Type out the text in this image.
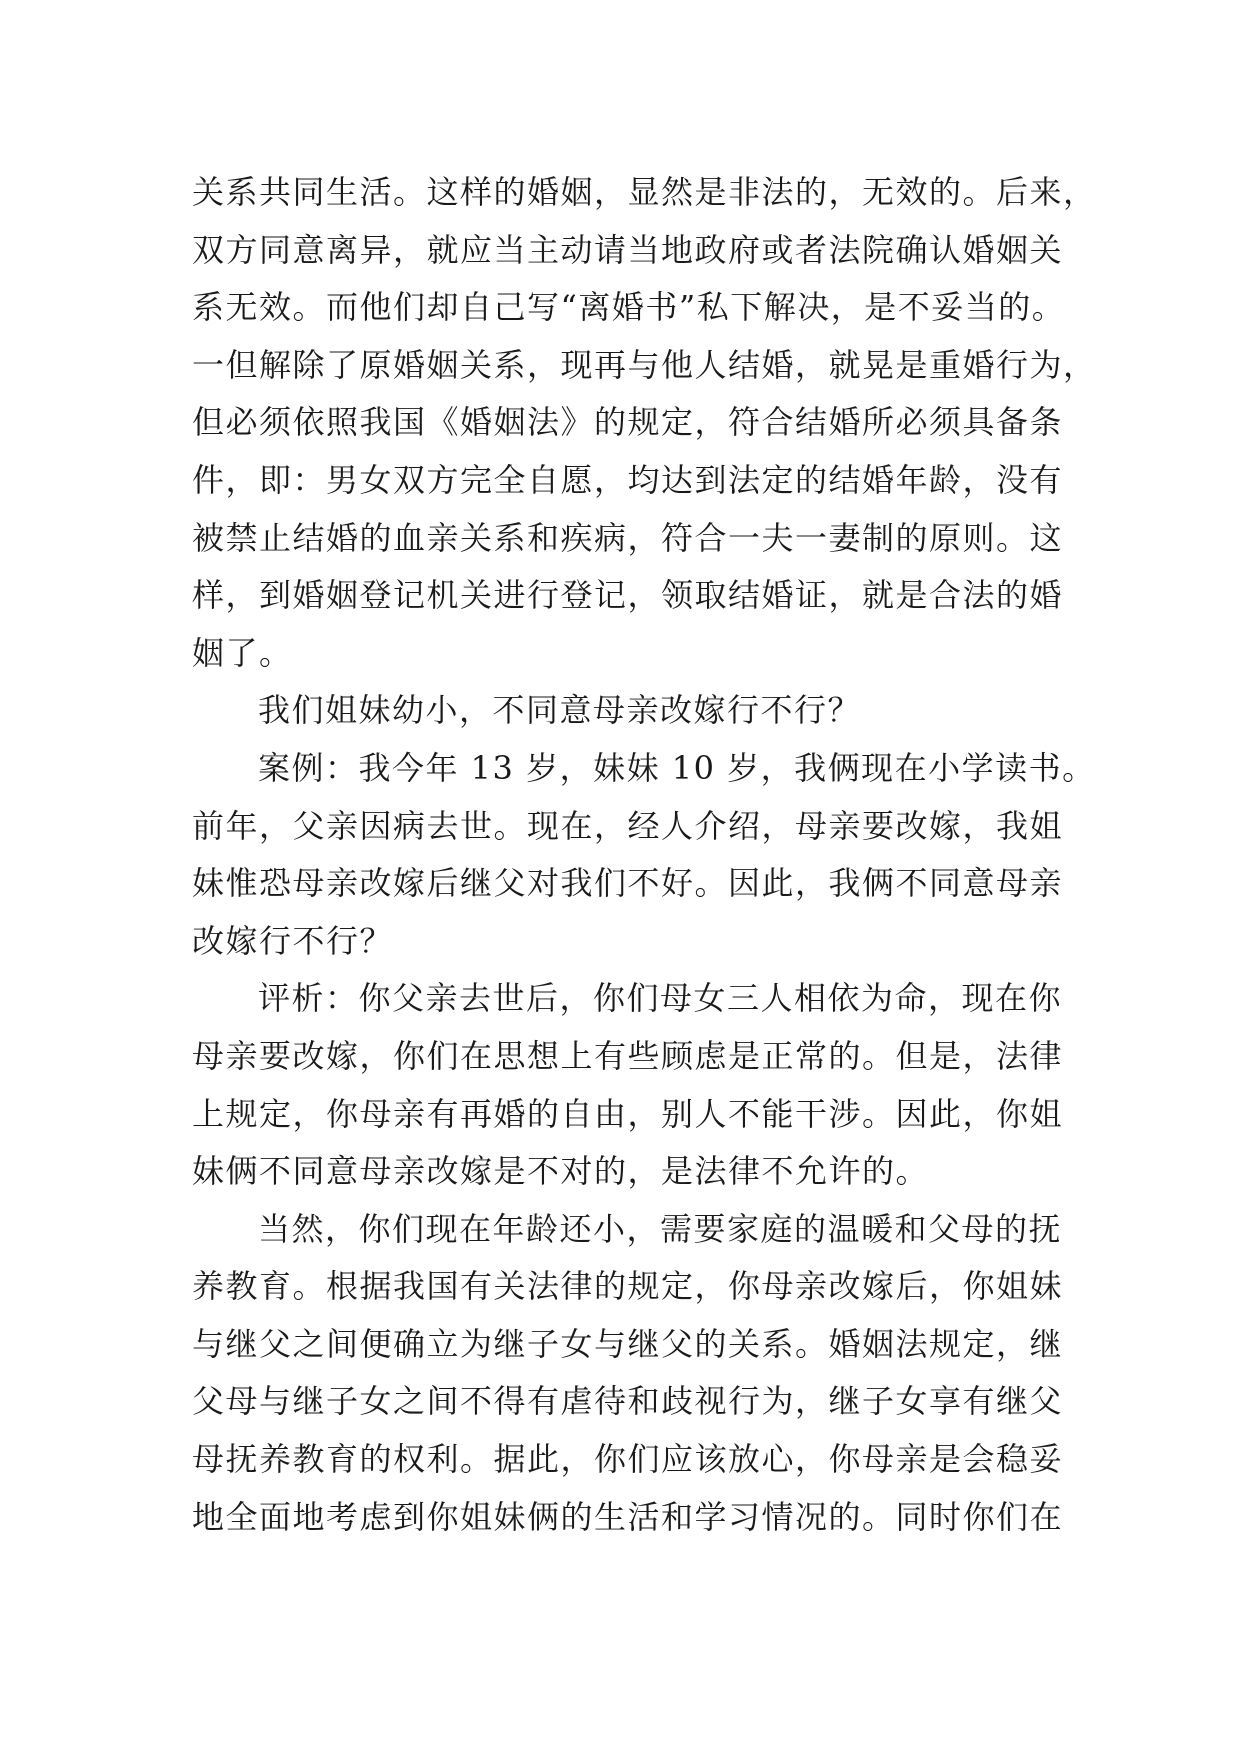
关系共同生活。这样的婚姻，显然是非法的，无效的。后来，
双方同意离异，就应当主动请当地政府或者法院确认婚姻关
系无效。而他们却自己写“离婚书”私下解决，是不妥当的。
一但解除了原婚姻关系，现再与他人结婚，就晃是重婚行为，
但必须依照我国《婚姻法》的规定，符合结婚所必须具备条
件，即：男女双方完全自愿，均达到法定的结婚年龄，没有
被禁止结婚的血亲关系和疾病，符合一夫一妻制的原则。这
样，到婚姻登记机关进行登记，领取结婚证，就是合法的婚
姻了。
我们姐妹幼小，不同意母亲改嫁行不行？
案例：我今年 13 岁，妹妹 10 岁，我俩现在小学读书。
前年，父亲因病去世。现在，经人介绍，母亲要改嫁，我姐
妹惟恐母亲改嫁后继父对我们不好。因此，我俩不同意母亲
改嫁行不行？
评析：你父亲去世后，你们母女三人相依为命，现在你
母亲要改嫁，你们在思想上有些顾虑是正常的。但是，法律
上规定，你母亲有再婚的自由，别人不能干涉。因此，你姐
妹俩不同意母亲改嫁是不对的，是法律不允许的。
当然，你们现在年龄还小，需要家庭的温暖和父母的抚
养教育。根据我国有关法律的规定，你母亲改嫁后，你姐妹
与继父之间便确立为继子女与继父的关系。婚姻法规定，继
父母与继子女之间不得有虐待和歧视行为，继子女享有继父
母抚养教育的权利。据此，你们应该放心，你母亲是会稳妥
地全面地考虑到你姐妹俩的生活和学习情况的。同时你们在
